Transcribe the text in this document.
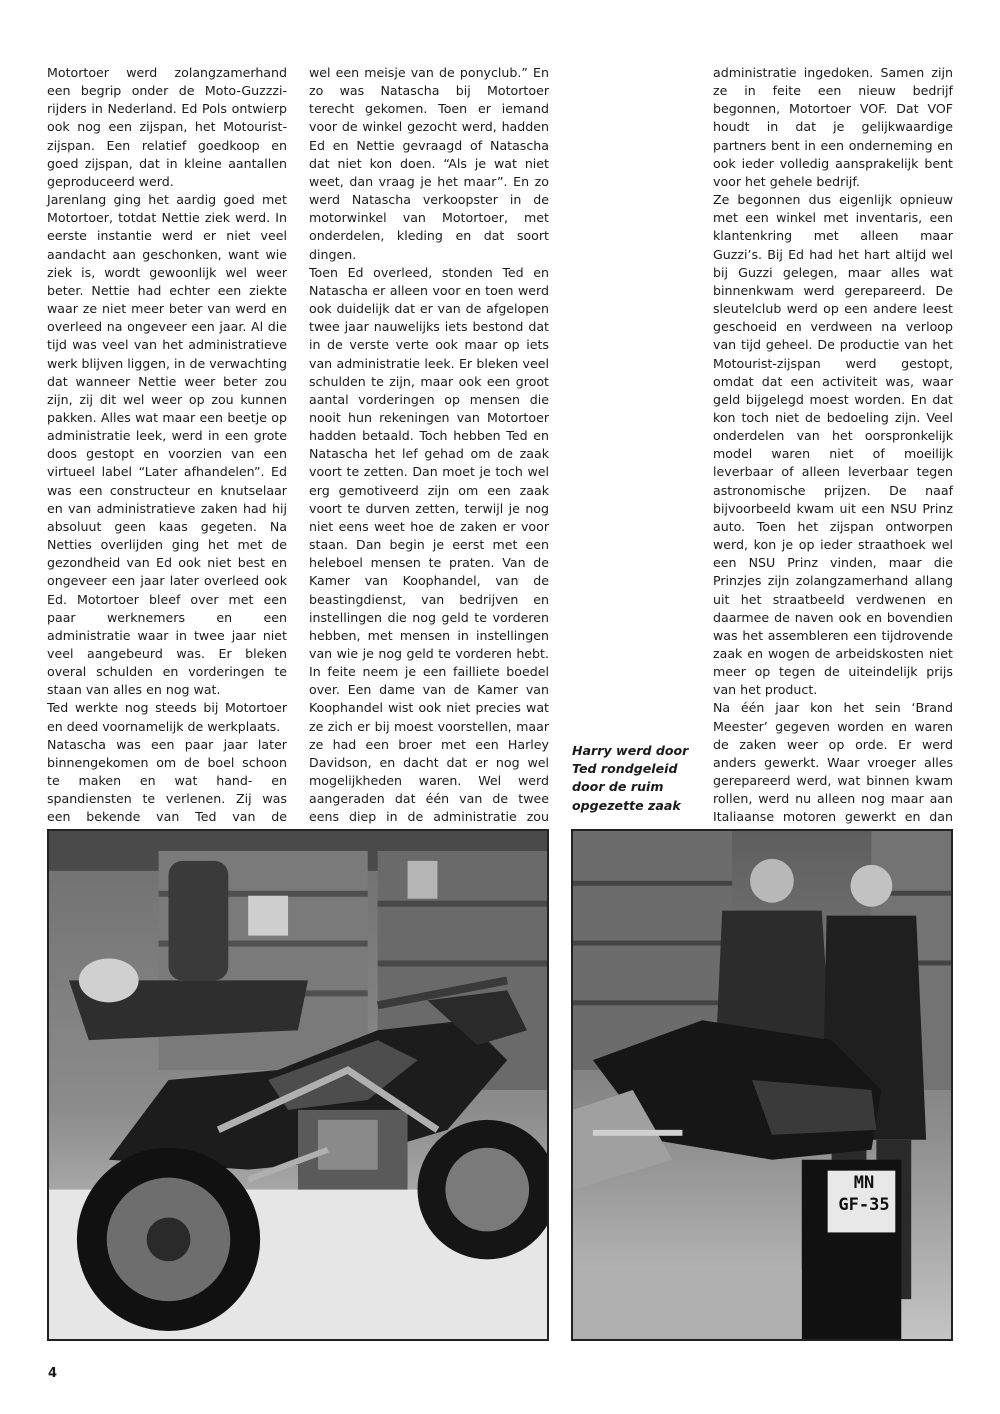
Motortoer werd zolangzamerhand een begrip onder de Moto-Guzzzi-rijders in Nederland. Ed Pols ontwierp ook nog een zijspan, het Motourist-zijspan. Een relatief goedkoop en goed zijspan, dat in kleine aantallen geproduceerd werd.

Jarenlang ging het aardig goed met Motortoer, totdat Nettie ziek werd. In eerste instantie werd er niet veel aandacht aan geschonken, want wie ziek is, wordt gewoonlijk wel weer beter. Nettie had echter een ziekte waar ze niet meer beter van werd en overleed na ongeveer een jaar. Al die tijd was veel van het administratieve werk blijven liggen, in de verwachting dat wanneer Nettie weer beter zou zijn, zij dit wel weer op zou kunnen pakken. Alles wat maar een beetje op administratie leek, werd in een grote doos gestopt en voorzien van een virtueel label “Later afhandelen”. Ed was een constructeur en knutselaar en van administratieve zaken had hij absoluut geen kaas gegeten. Na Netties overlijden ging het met de gezondheid van Ed ook niet best en ongeveer een jaar later overleed ook Ed. Motortoer bleef over met een paar werknemers en een administratie waar in twee jaar niet veel aangebeurd was. Er bleken overal schulden en vorderingen te staan van alles en nog wat.

Ted werkte nog steeds bij Motortoer en deed voornamelijk de werkplaats.

Natascha was een paar jaar later binnengekomen om de boel schoon te maken en wat hand- en spandiensten te verlenen. Zij was een bekende van Ted van de

wel een meisje van de ponyclub.” En zo was Natascha bij Motortoer terecht gekomen. Toen er iemand voor de winkel gezocht werd, hadden Ed en Nettie gevraagd of Natascha dat niet kon doen. “Als je wat niet weet, dan vraag je het maar”. En zo werd Natascha verkoopster in de motorwinkel van Motortoer, met onderdelen, kleding en dat soort dingen.

Toen Ed overleed, stonden Ted en Natascha er alleen voor en toen werd ook duidelijk dat er van de afgelopen twee jaar nauwelijks iets bestond dat in de verste verte ook maar op iets van administratie leek. Er bleken veel schulden te zijn, maar ook een groot aantal vorderingen op mensen die nooit hun rekeningen van Motortoer hadden betaald. Toch hebben Ted en Natascha het lef gehad om de zaak voort te zetten. Dan moet je toch wel erg gemotiveerd zijn om een zaak voort te durven zetten, terwijl je nog niet eens weet hoe de zaken er voor staan. Dan begin je eerst met een heleboel mensen te praten. Van de Kamer van Koophandel, van de beastingdienst, van bedrijven en instellingen die nog geld te vorderen hebben, met mensen in instellingen van wie je nog geld te vorderen hebt. In feite neem je een failliete boedel over. Een dame van de Kamer van Koophandel wist ook niet precies wat ze zich er bij moest voorstellen, maar ze had een broer met een Harley Davidson, en dacht dat er nog wel mogelijkheden waren. Wel werd aangeraden dat één van de twee eens diep in de administratie zou

administratie ingedoken. Samen zijn ze in feite een nieuw bedrijf begonnen, Motortoer VOF. Dat VOF houdt in dat je gelijkwaardige partners bent in een onderneming en ook ieder volledig aansprakelijk bent voor het gehele bedrijf.

Ze begonnen dus eigenlijk opnieuw met een winkel met inventaris, een klantenkring met alleen maar Guzzi’s. Bij Ed had het hart altijd wel bij Guzzi gelegen, maar alles wat binnenkwam werd gerepareerd. De sleutelclub werd op een andere leest geschoeid en verdween na verloop van tijd geheel. De productie van het Motourist-zijspan werd gestopt, omdat dat een activiteit was, waar geld bijgelegd moest worden. En dat kon toch niet de bedoeling zijn. Veel onderdelen van het oorspronkelijk model waren niet of moeilijk leverbaar of alleen leverbaar tegen astronomische prijzen. De naaf bijvoorbeeld kwam uit een NSU Prinz auto. Toen het zijspan ontworpen werd, kon je op ieder straathoek wel een NSU Prinz vinden, maar die Prinzjes zijn zolangzamerhand allang uit het straatbeeld verdwenen en daarmee de naven ook en bovendien was het assembleren een tijdrovende zaak en wogen de arbeidskosten niet meer op tegen de uiteindelijk prijs van het product.

Na één jaar kon het sein ‘Brand Meester’ gegeven worden en waren de zaken weer op orde. Er werd anders gewerkt. Waar vroeger alles gerepareerd werd, wat binnen kwam rollen, werd nu alleen nog maar aan Italiaanse motoren gewerkt en dan

Harry werd door

Ted rondgeleid

door de ruim

opgezette zaak

MN
GF-35
4
